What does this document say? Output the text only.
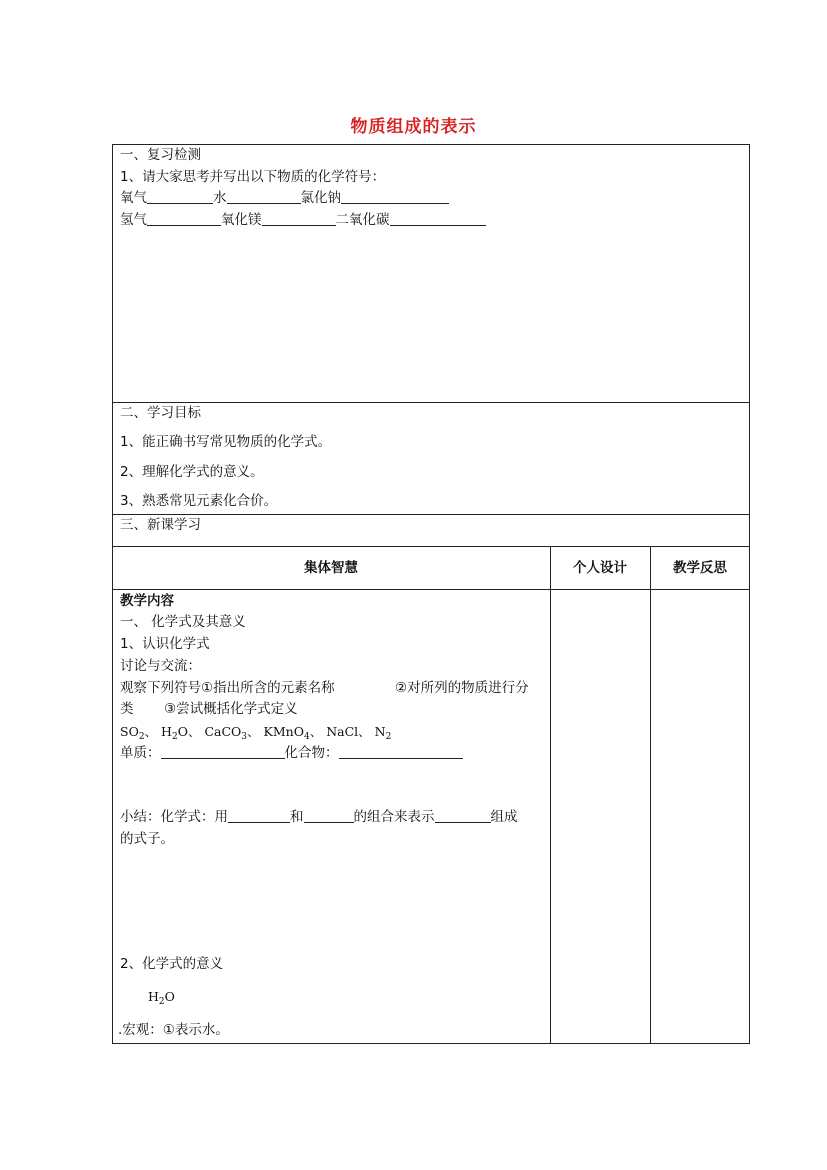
物质组成的表示
一、复习检测
1、请大家思考并写出以下物质的化学符号：
氧气	水	氯化钠
氢气	氧化镁	二氧化碳
二、学习目标
1、能正确书写常见物质的化学式。
2、理解化学式的意义。
3、熟悉常见元素化合价。
三、新课学习
集体智慧	个人设计	教学反思
教学内容
一、 化学式及其意义
1、认识化学式
讨论与交流：
观察下列符号①指出所含的元素名称	②对所列的物质进行分
类 ③尝试概括化学式定义
$SO_2$、 $H_2O$、 CaCO$_3$、 KMnO$_4$、 NaCl、 $N_2$
单质：	化合物：
小结：化学式：用	和	的组合来表示	组成
的式子。
2、化学式的意义
$H_2O$
.宏观：①表示水。
